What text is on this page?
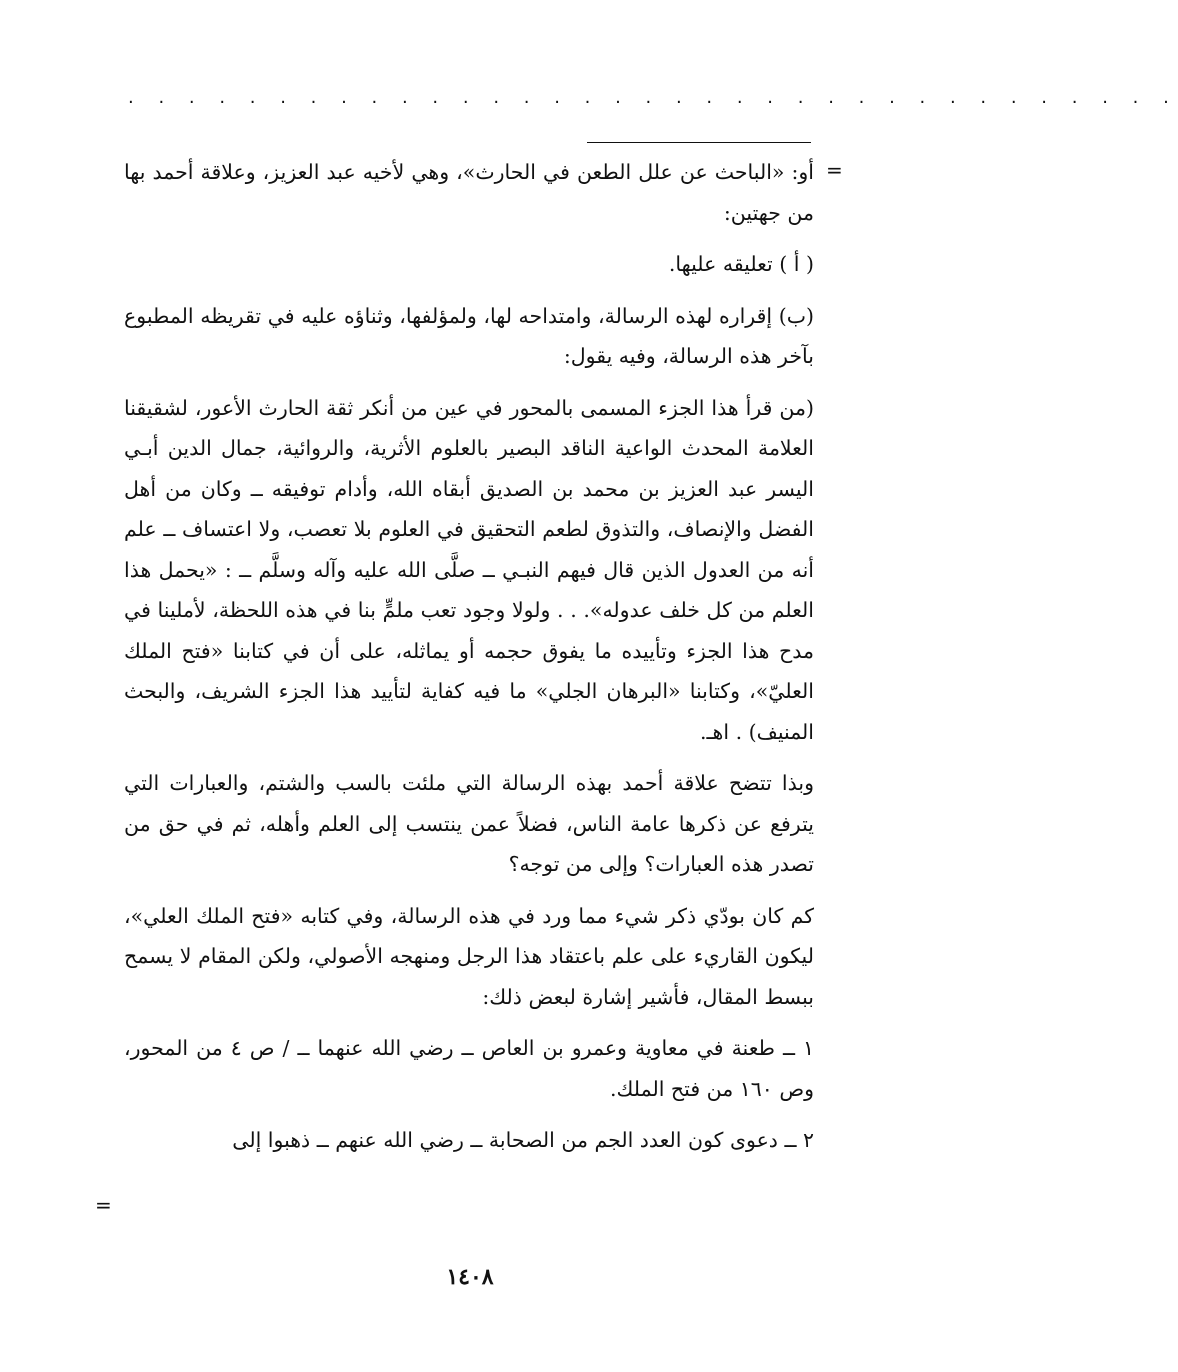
. . . . . . . . . . . . . . . . . . . . . . . . . . . . . . . . . . .
=

أو: «الباحث عن علل الطعن في الحارث»، وهي لأخيه عبد العزيز، وعلاقة أحمد بها من جهتين:

( أ ) تعليقه عليها.

(ب) إقراره لهذه الرسالة، وامتداحه لها، ولمؤلفها، وثناؤه عليه في تقريظه المطبوع بآخر هذه الرسالة، وفيه يقول:

(من قرأ هذا الجزء المسمى بالمحور في عين من أنكر ثقة الحارث الأعور، لشقيقنا العلامة المحدث الواعية الناقد البصير بالعلوم الأثرية، والروائية، جمال الدين أبـي اليسر عبد العزيز بن محمد بن الصديق أبقاه الله، وأدام توفيقه ــ وكان من أهل الفضل والإنصاف، والتذوق لطعم التحقيق في العلوم بلا تعصب، ولا اعتساف ــ علم أنه من العدول الذين قال فيهم النبـي ــ صلَّى الله عليه وآله وسلَّم ــ : «يحمل هذا العلم من كل خلف عدوله». . . ولولا وجود تعب ملمٍّ بنا في هذه اللحظة، لأملينا في مدح هذا الجزء وتأييده ما يفوق حجمه أو يماثله، على أن في كتابنا «فتح الملك العليّ»، وكتابنا «البرهان الجلي» ما فيه كفاية لتأييد هذا الجزء الشريف، والبحث المنيف) . اهـ.

وبذا تتضح علاقة أحمد بهذه الرسالة التي ملئت بالسب والشتم، والعبارات التي يترفع عن ذكرها عامة الناس، فضلاً عمن ينتسب إلى العلم وأهله، ثم في حق من تصدر هذه العبارات؟ وإلى من توجه؟

كم كان بودّي ذكر شيء مما ورد في هذه الرسالة، وفي كتابه «فتح الملك العلي»، ليكون القاريء على علم باعتقاد هذا الرجل ومنهجه الأصولي، ولكن المقام لا يسمح ببسط المقال، فأشير إشارة لبعض ذلك:

١ ــ طعنة في معاوية وعمرو بن العاص ــ رضي الله عنهما ــ / ص ٤ من المحور، وص ١٦٠ من فتح الملك.

٢ ــ دعوى كون العدد الجم من الصحابة ــ رضي الله عنهم ــ ذهبوا إلى

=
١٤٠٨
